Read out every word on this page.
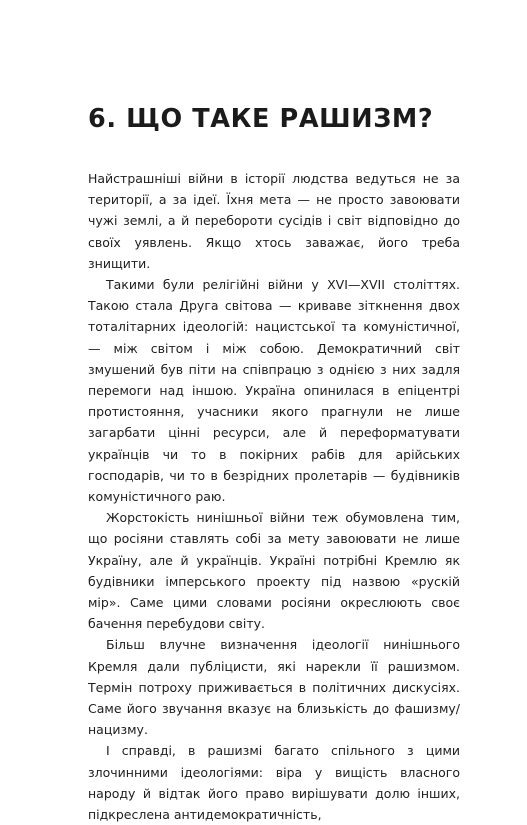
6. ЩО ТАКЕ РАШИЗМ?

Найстрашніші війни в історії людства ведуться не за території, а за ідеї. Їхня мета — не просто завоювати чужі землі, а й перебороти сусідів і світ відповідно до своїх уявлень. Якщо хтось заважає, його треба знищити.

Такими були релігійні війни у XVI—XVII століттях. Такою стала Друга світова — криваве зіткнення двох тоталітарних ідеологій: нацистської та комуністичної, — між світом і між собою. Демократичний світ змушений був піти на співпрацю з однією з них задля перемоги над іншою. Україна опинилася в епіцентрі протистояння, учасники якого прагнули не лише загарбати цінні ресурси, але й переформатувати українців чи то в покірних рабів для арійських господарів, чи то в безрідних пролетарів — будівників комуністичного раю.

Жорстокість нинішньої війни теж обумовлена тим, що росіяни ставлять собі за мету завоювати не лише Україну, але й українців. Україні потрібні Кремлю як будівники імперського проекту під назвою «рускій мір». Саме цими словами росіяни окреслюють своє бачення перебудови світу.

Більш влучне визначення ідеології нинішнього Кремля дали публіцисти, які нарекли її рашизмом. Термін потроху приживається в політичних дискусіях. Саме його звучання вказує на близькість до фашизму/нацизму.

І справді, в рашизмі багато спільного з цими злочинними ідеологіями: віра у вищість власного народу й відтак його право вирішувати долю інших, підкреслена антидемократичність,
